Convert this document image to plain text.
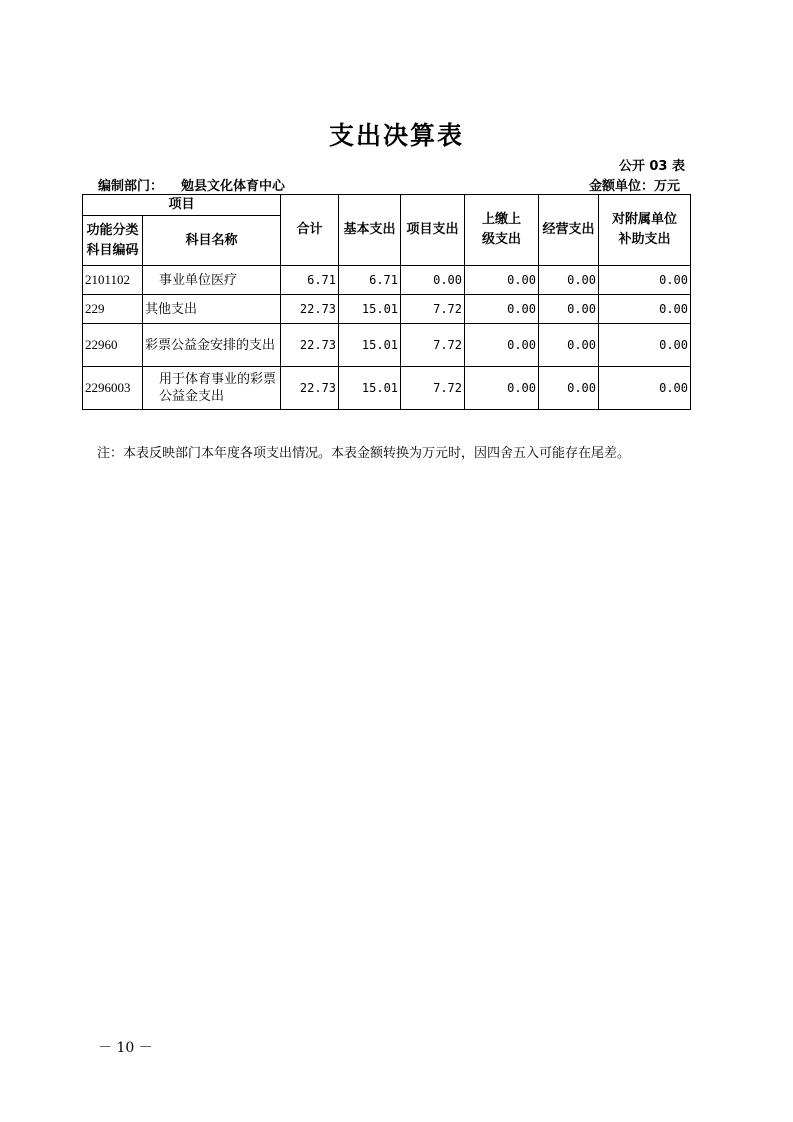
支出决算表
公开 03 表
编制部门： 勉县文化体育中心	金额单位：万元
项目		合计	基本支出	项目支出	上缴上级支出	经营支出	对附属单位补助支出
功能分类科目编码	科目名称						
2101102	事业单位医疗	6.71	6.71	0.00	0.00	0.00	0.00
229	其他支出	22.73	15.01	7.72	0.00	0.00	0.00
22960	彩票公益金安排的支出	22.73	15.01	7.72	0.00	0.00	0.00
2296003	用于体育事业的彩票公益金支出	22.73	15.01	7.72	0.00	0.00	0.00
注：本表反映部门本年度各项支出情况。本表金额转换为万元时，因四舍五入可能存在尾差。
－ 10 －
